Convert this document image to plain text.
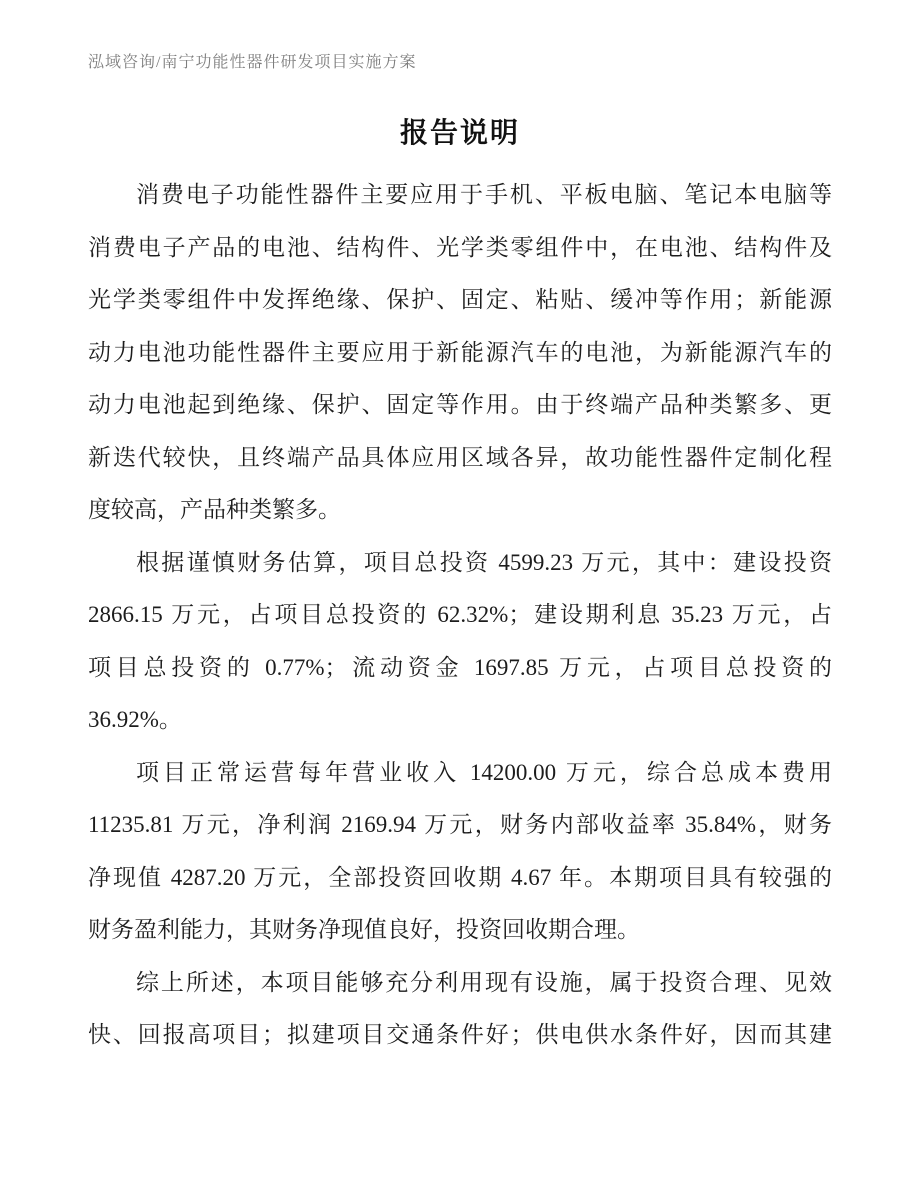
泓域咨询/南宁功能性器件研发项目实施方案
报告说明
消费电子功能性器件主要应用于手机、平板电脑、笔记本电脑等
消费电子产品的电池、结构件、光学类零组件中，在电池、结构件及
光学类零组件中发挥绝缘、保护、固定、粘贴、缓冲等作用；新能源
动力电池功能性器件主要应用于新能源汽车的电池，为新能源汽车的
动力电池起到绝缘、保护、固定等作用。由于终端产品种类繁多、更
新迭代较快，且终端产品具体应用区域各异，故功能性器件定制化程
度较高，产品种类繁多。
根据谨慎财务估算，项目总投资 4599.23 万元，其中：建设投资
2866.15 万元，占项目总投资的 62.32%；建设期利息 35.23 万元，占
项目总投资的 0.77%；流动资金 1697.85 万元，占项目总投资的
36.92%。
项目正常运营每年营业收入 14200.00 万元，综合总成本费用
11235.81 万元，净利润 2169.94 万元，财务内部收益率 35.84%，财务
净现值 4287.20 万元，全部投资回收期 4.67 年。本期项目具有较强的
财务盈利能力，其财务净现值良好，投资回收期合理。
综上所述，本项目能够充分利用现有设施，属于投资合理、见效
快、回报高项目；拟建项目交通条件好；供电供水条件好，因而其建
